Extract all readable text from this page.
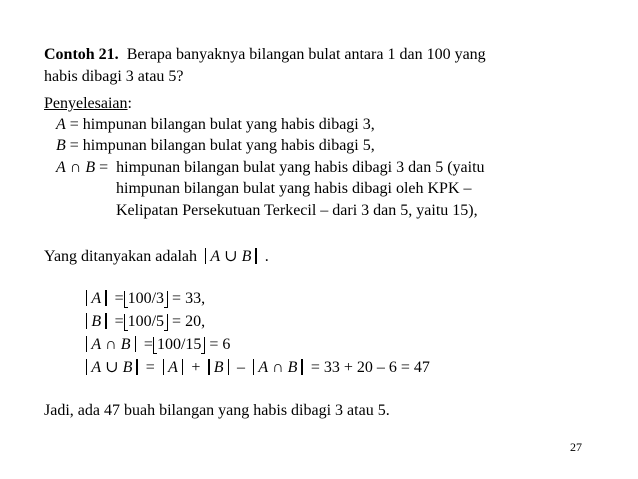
Contoh 21. Berapa banyaknya bilangan bulat antara 1 dan 100 yang
habis dibagi 3 atau 5?
Penyelesaian:
A = himpunan bilangan bulat yang habis dibagi 3,
B = himpunan bilangan bulat yang habis dibagi 5,
A ∩ B =  himpunan bilangan bulat yang habis dibagi 3 dan 5 (yaitu
himpunan bilangan bulat yang habis dibagi oleh KPK –
Kelipatan Persekutuan Terkecil – dari 3 dan 5, yaitu 15),
Yang ditanyakan adalah A ∪ B .
A = 100/3 = 33,
B = 100/5 = 20,
A ∩ B = 100/15 = 6
A ∪ B = A + B – A ∩ B = 33 + 20 – 6 = 47
Jadi, ada 47 buah bilangan yang habis dibagi 3 atau 5.
27
